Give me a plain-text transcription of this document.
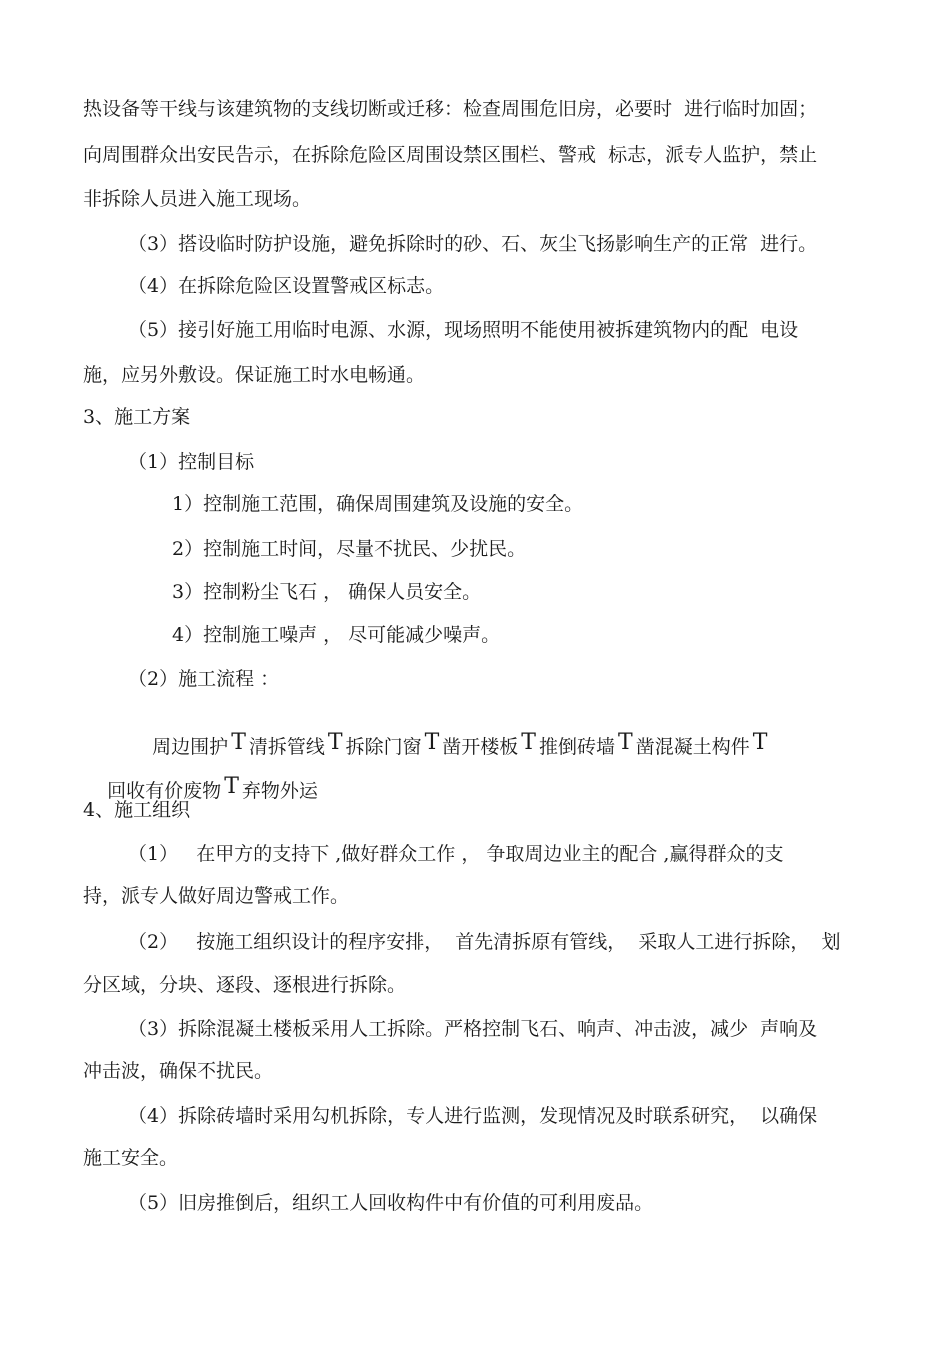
热设备等干线与该建筑物的支线切断或迁移：检查周围危旧房，必要时  进行临时加固；
向周围群众出安民告示，在拆除危险区周围设禁区围栏、警戒  标志，派专人监护，禁止
非拆除人员进入施工现场。
（3）搭设临时防护设施，避免拆除时的砂、石、灰尘飞扬影响生产的正常  进行。
（4）在拆除危险区设置警戒区标志。
（5）接引好施工用临时电源、水源，现场照明不能使用被拆建筑物内的配  电设
施，应另外敷设。保证施工时水电畅通。
3、施工方案
（1）控制目标
1）控制施工范围，确保周围建筑及设施的安全。
2）控制施工时间，尽量不扰民、少扰民。
3）控制粉尘飞石 ， 确保人员安全。
4）控制施工噪声 ， 尽可能减少噪声。
（2）施工流程 ：

周边围护 T 清拆管线 T 拆除门窗 T 凿开楼板 T 推倒砖墙 T 凿混凝土构件 T

回收有价废物 T 弃物外运

4、施工组织
（1）   在甲方的支持下 ,做好群众工作 ， 争取周边业主的配合 ,赢得群众的支
持，派专人做好周边警戒工作。
（2）   按施工组织设计的程序安排，  首先清拆原有管线，  采取人工进行拆除，  划
分区域，分块、逐段、逐根进行拆除。
（3）拆除混凝土楼板采用人工拆除。严格控制飞石、响声、冲击波，减少  声响及
冲击波，确保不扰民。
（4）拆除砖墙时采用勾机拆除，专人进行监测，发现情况及时联系研究，  以确保
施工安全。
（5）旧房推倒后，组织工人回收构件中有价值的可利用废品。
